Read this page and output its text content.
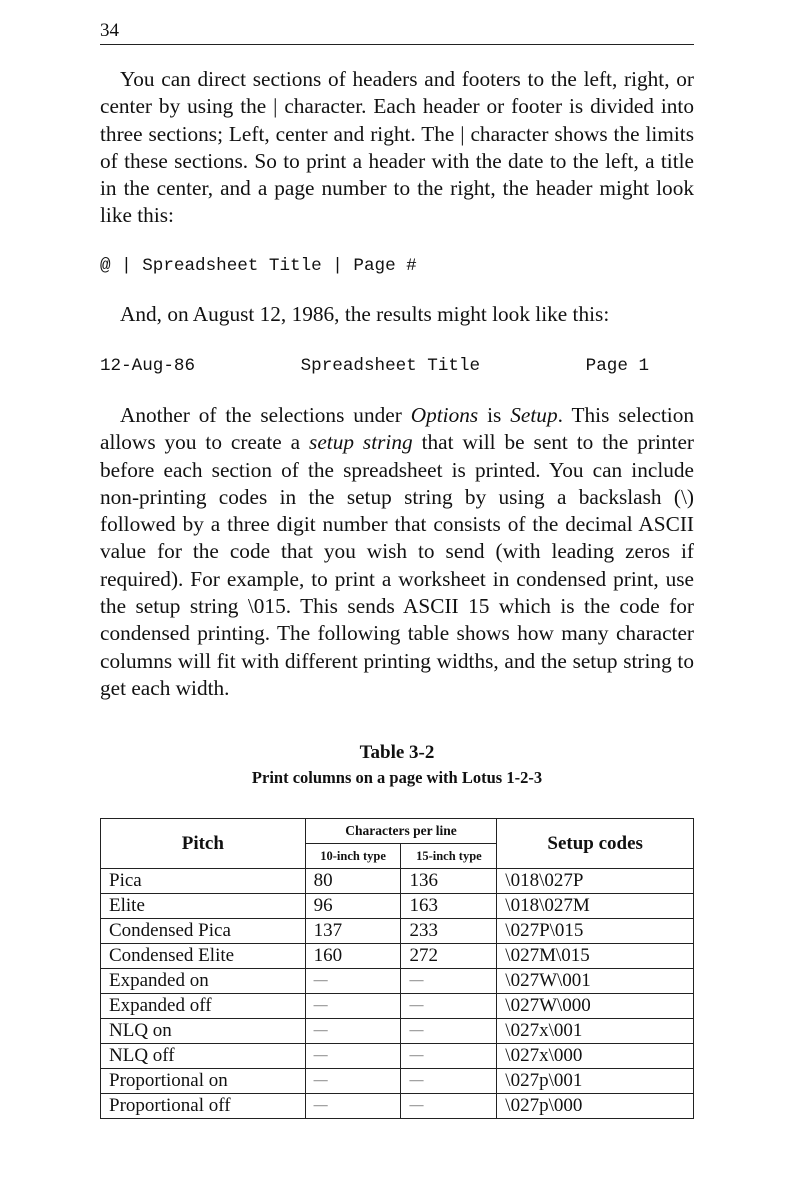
34

You can direct sections of headers and footers to the left, right, or center by using the | character. Each header or footer is divided into three sections; Left, center and right. The | character shows the limits of these sections. So to print a header with the date to the left, a title in the center, and a page number to the right, the header might look like this:

@ | Spreadsheet Title | Page #

And, on August 12, 1986, the results might look like this:

12-Aug-86          Spreadsheet Title          Page 1

Another of the selections under Options is Setup. This selection allows you to create a setup string that will be sent to the printer before each section of the spreadsheet is printed. You can include non-printing codes in the setup string by using a backslash (\) followed by a three digit number that consists of the decimal ASCII value for the code that you wish to send (with leading zeros if required). For example, to print a worksheet in condensed print, use the setup string \015. This sends ASCII 15 which is the code for condensed printing. The following table shows how many character columns will fit with different printing widths, and the setup string to get each width.

Table 3-2
Print columns on a page with Lotus 1-2-3
Pitch	Characters per line		Setup codes
	10-inch type	15-inch type	
Pica	80	136	\018\027P
Elite	96	163	\018\027M
Condensed Pica	137	233	\027P\015
Condensed Elite	160	272	\027M\015
Expanded on	—	—	\027W\001
Expanded off	—	—	\027W\000
NLQ on	—	—	\027x\001
NLQ off	—	—	\027x\000
Proportional on	—	—	\027p\001
Proportional off	—	—	\027p\000
